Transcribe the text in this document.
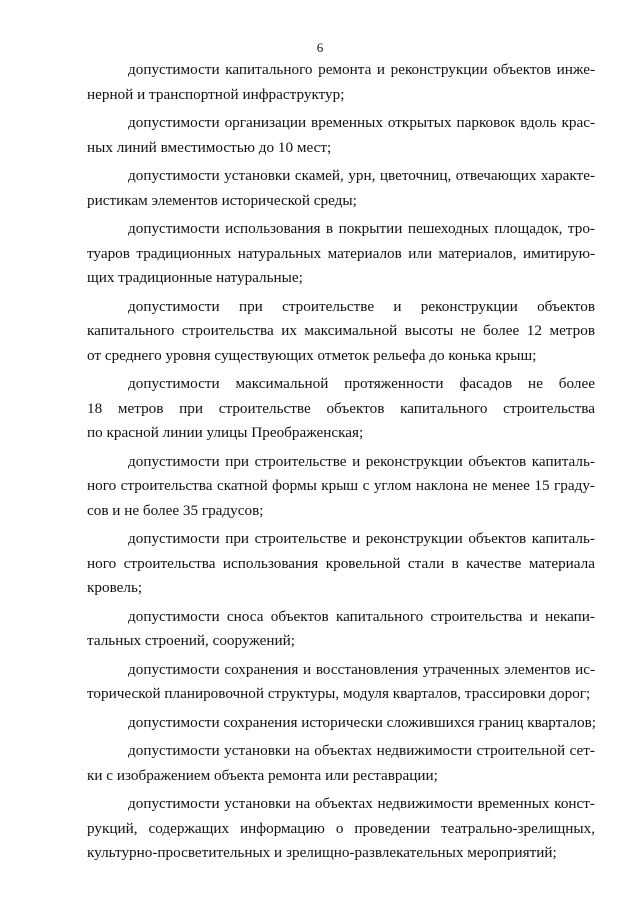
6
допустимости капитального ремонта и реконструкции объектов инже-
нерной и транспортной инфраструктур;
допустимости организации временных открытых парковок вдоль крас-
ных линий вместимостью до 10 мест;
допустимости установки скамей, урн, цветочниц, отвечающих характе-
ристикам элементов исторической среды;
допустимости использования в покрытии пешеходных площадок, тро-
туаров традиционных натуральных материалов или материалов, имитирую-
щих традиционные натуральные;
допустимости при строительстве и реконструкции объектов
капитального строительства их максимальной высоты не более 12 метров
от среднего уровня существующих отметок рельефа до конька крыш;
допустимости максимальной протяженности фасадов не более
18 метров при строительстве объектов капитального строительства
по красной линии улицы Преображенская;
допустимости при строительстве и реконструкции объектов капиталь-
ного строительства скатной формы крыш с углом наклона не менее 15 граду-
сов и не более 35 градусов;
допустимости при строительстве и реконструкции объектов капиталь-
ного строительства использования кровельной стали в качестве материала
кровель;
допустимости сноса объектов капитального строительства и некапи-
тальных строений, сооружений;
допустимости сохранения и восстановления утраченных элементов ис-
торической планировочной структуры, модуля кварталов, трассировки дорог;
допустимости сохранения исторически сложившихся границ кварталов;
допустимости установки на объектах недвижимости строительной сет-
ки с изображением объекта ремонта или реставрации;
допустимости установки на объектах недвижимости временных конст-
рукций, содержащих информацию о проведении театрально-зрелищных,
культурно-просветительных и зрелищно-развлекательных мероприятий;
